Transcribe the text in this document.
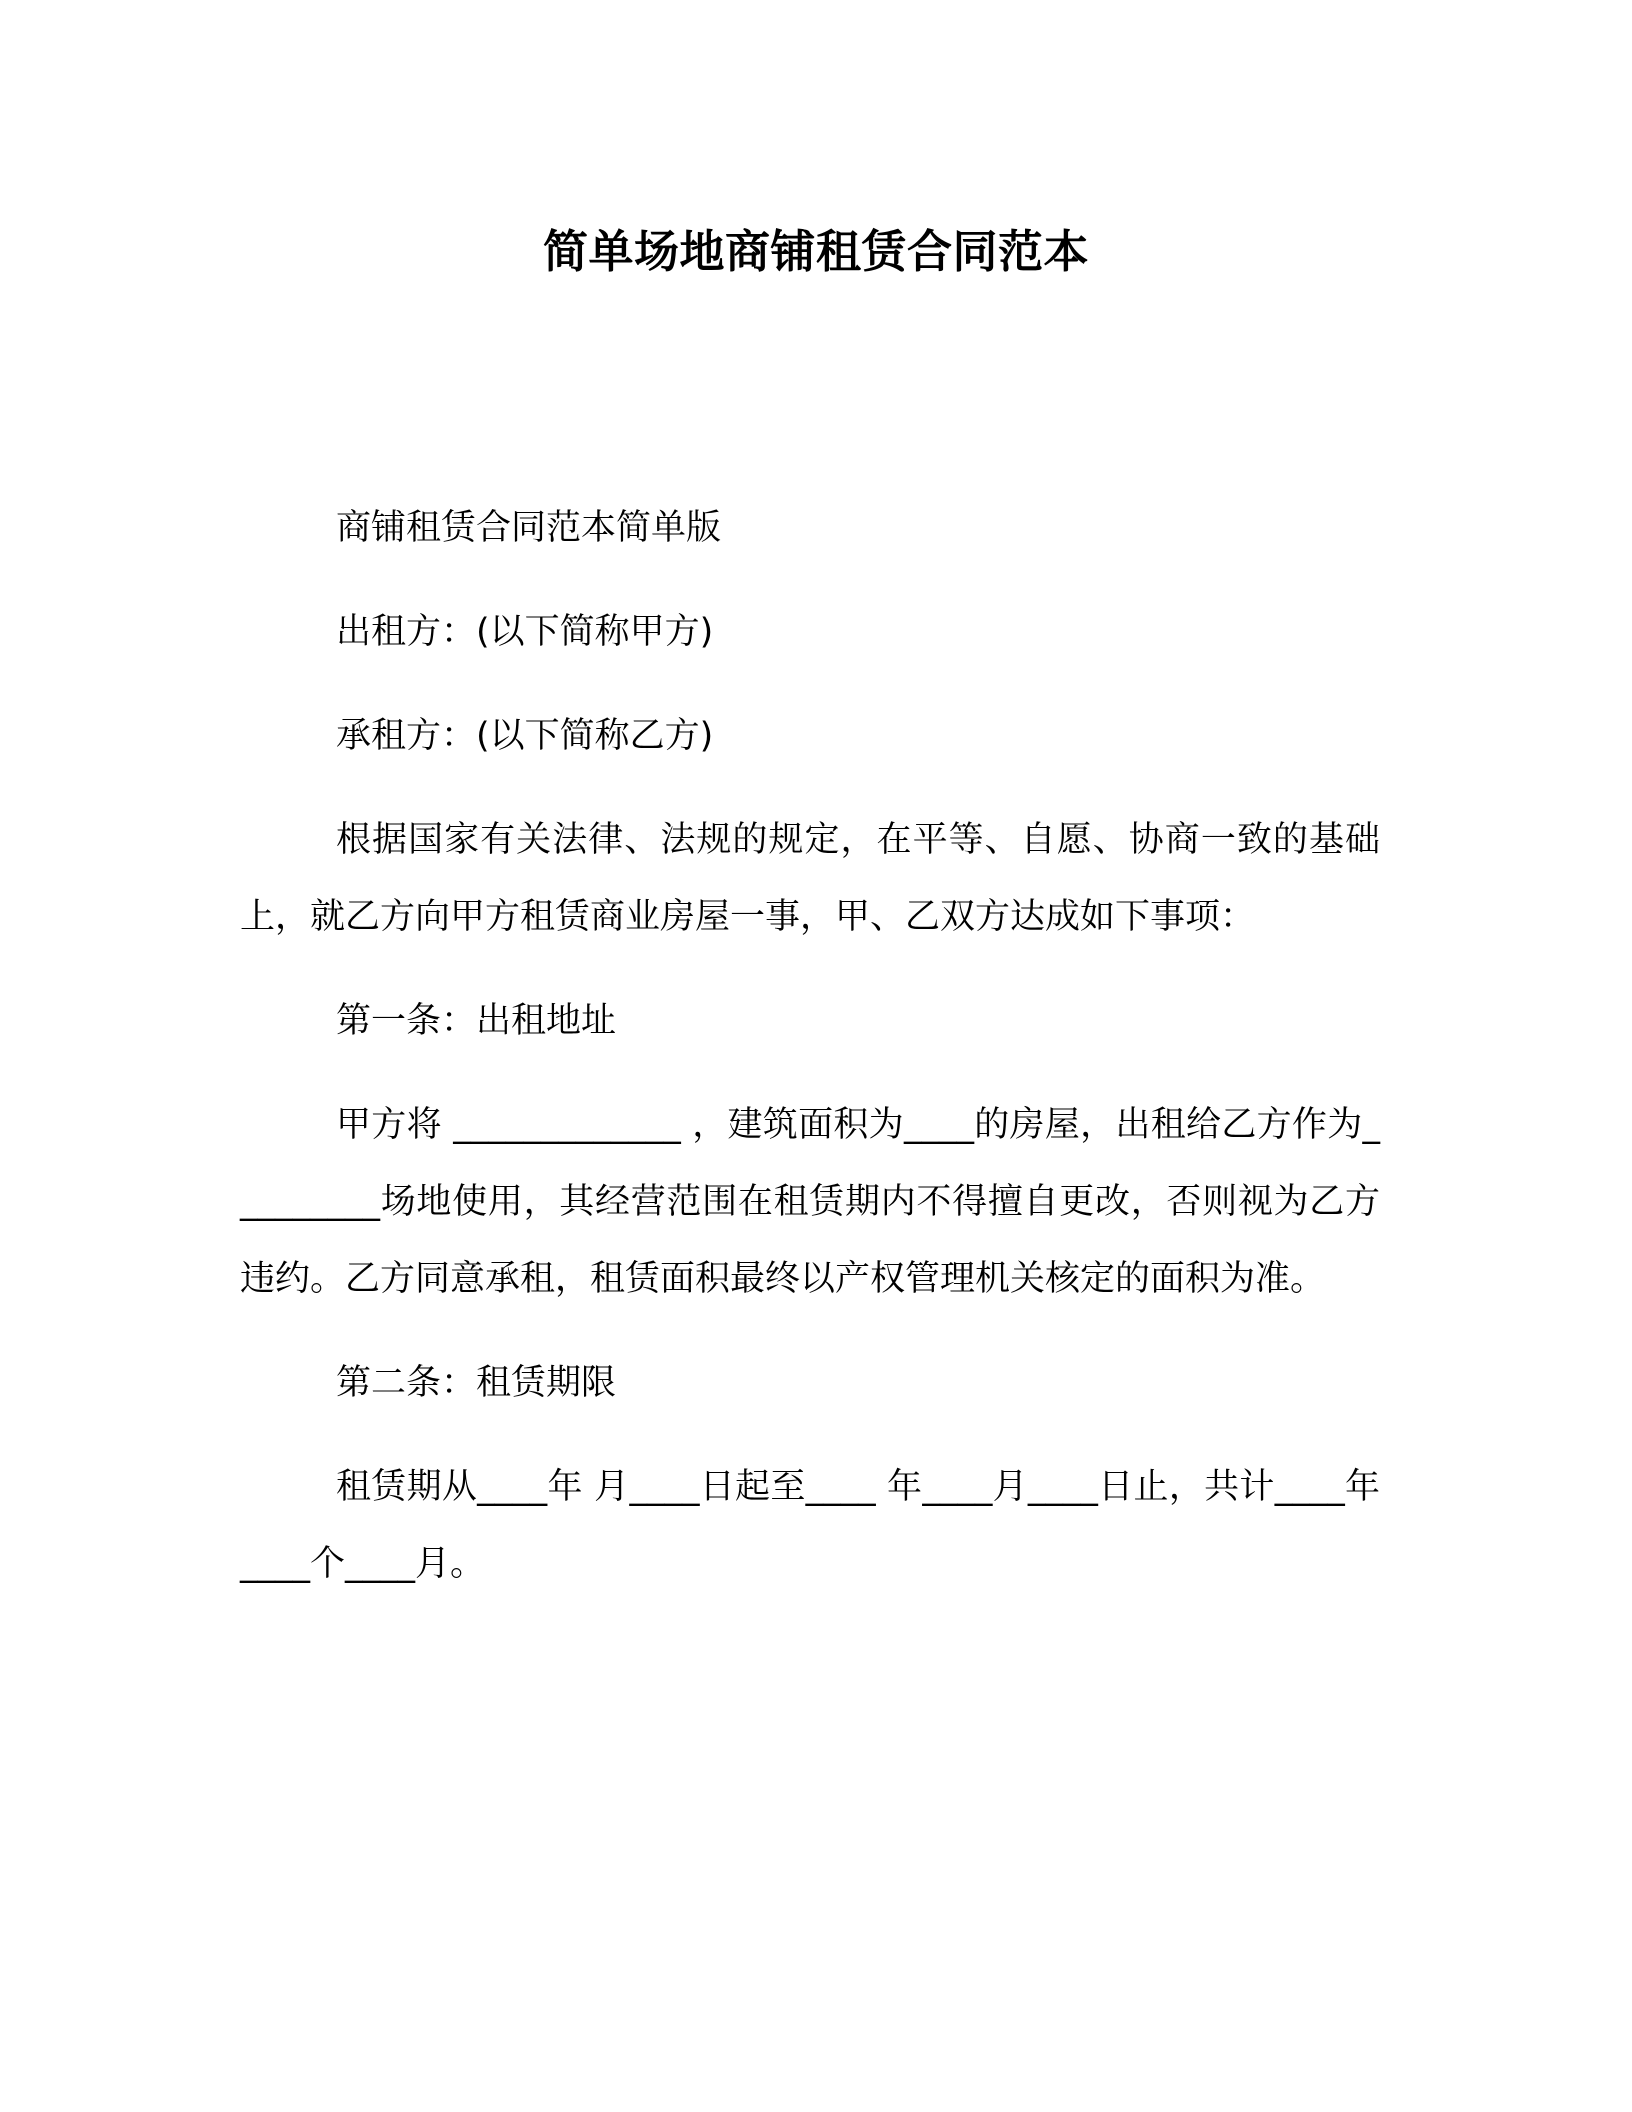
简单场地商铺租赁合同范本

商铺租赁合同范本简单版

出租方：(以下简称甲方)

承租方：(以下简称乙方)

根据国家有关法律、法规的规定，在平等、自愿、协商一致的基础上，就乙方向甲方租赁商业房屋一事，甲、乙双方达成如下事项：

第一条：出租地址

甲方将 _____________ ，建筑面积为____的房屋，出租给乙方作为_________场地使用，其经营范围在租赁期内不得擅自更改，否则视为乙方违约。乙方同意承租，租赁面积最终以产权管理机关核定的面积为准。

第二条：租赁期限

租赁期从____年 月____日起至____ 年____月____日止，共计____年____个____月。
